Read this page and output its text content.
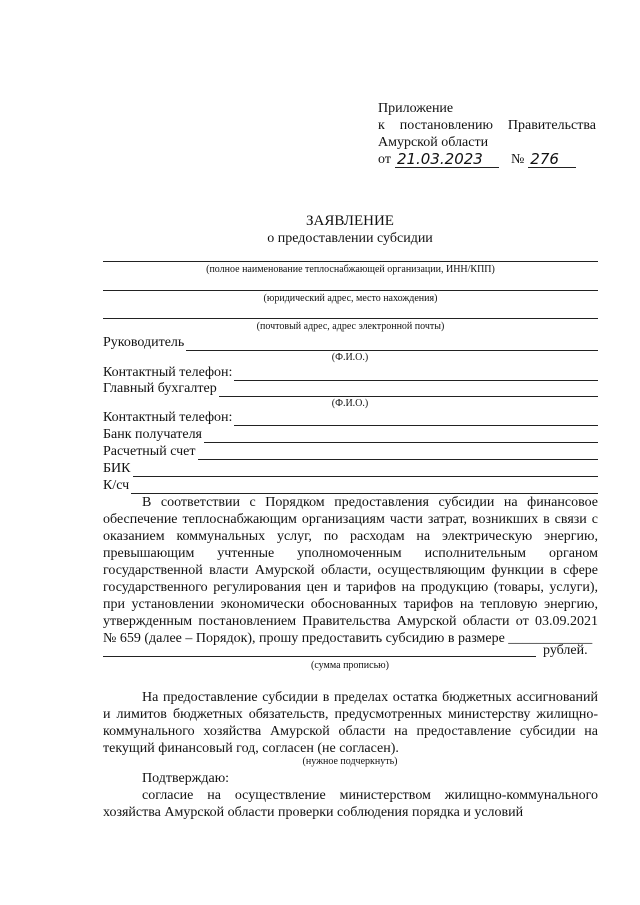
Приложение
к постановлению Правительства
Амурской области
от 21.03.2023	№ 276
ЗАЯВЛЕНИЕ
о предоставлении субсидии
(полное наименование теплоснабжающей организации, ИНН/КПП)
(юридический адрес, место нахождения)
(почтовый адрес, адрес электронной почты)
Руководитель
(Ф.И.О.)
Контактный телефон:
Главный бухгалтер
(Ф.И.О.)
Контактный телефон:
Банк получателя
Расчетный счет
БИК
К/сч
В соответствии с Порядком предоставления субсидии на финансовое обеспечение теплоснабжающим организациям части затрат, возникших в связи с оказанием коммунальных услуг, по расходам на электрическую энергию, превышающим учтенные уполномоченным исполнительным органом государственной власти Амурской области, осуществляющим функции в сфере государственного регулирования цен и тарифов на продукцию (товары, услуги), при установлении экономически обоснованных тарифов на тепловую энергию, утвержденным постановлением Правительства Амурской области от 03.09.2021 № 659 (далее – Порядок), прошу предоставить субсидию в размере ____________
рублей.
(сумма прописью)
На предоставление субсидии в пределах остатка бюджетных ассигнований и лимитов бюджетных обязательств, предусмотренных министерству жилищно-коммунального хозяйства Амурской области на предоставление субсидии на текущий финансовый год, согласен (не согласен).
(нужное подчеркнуть)
Подтверждаю:
согласие на осуществление министерством жилищно-коммунального хозяйства Амурской области проверки соблюдения порядка и условий
